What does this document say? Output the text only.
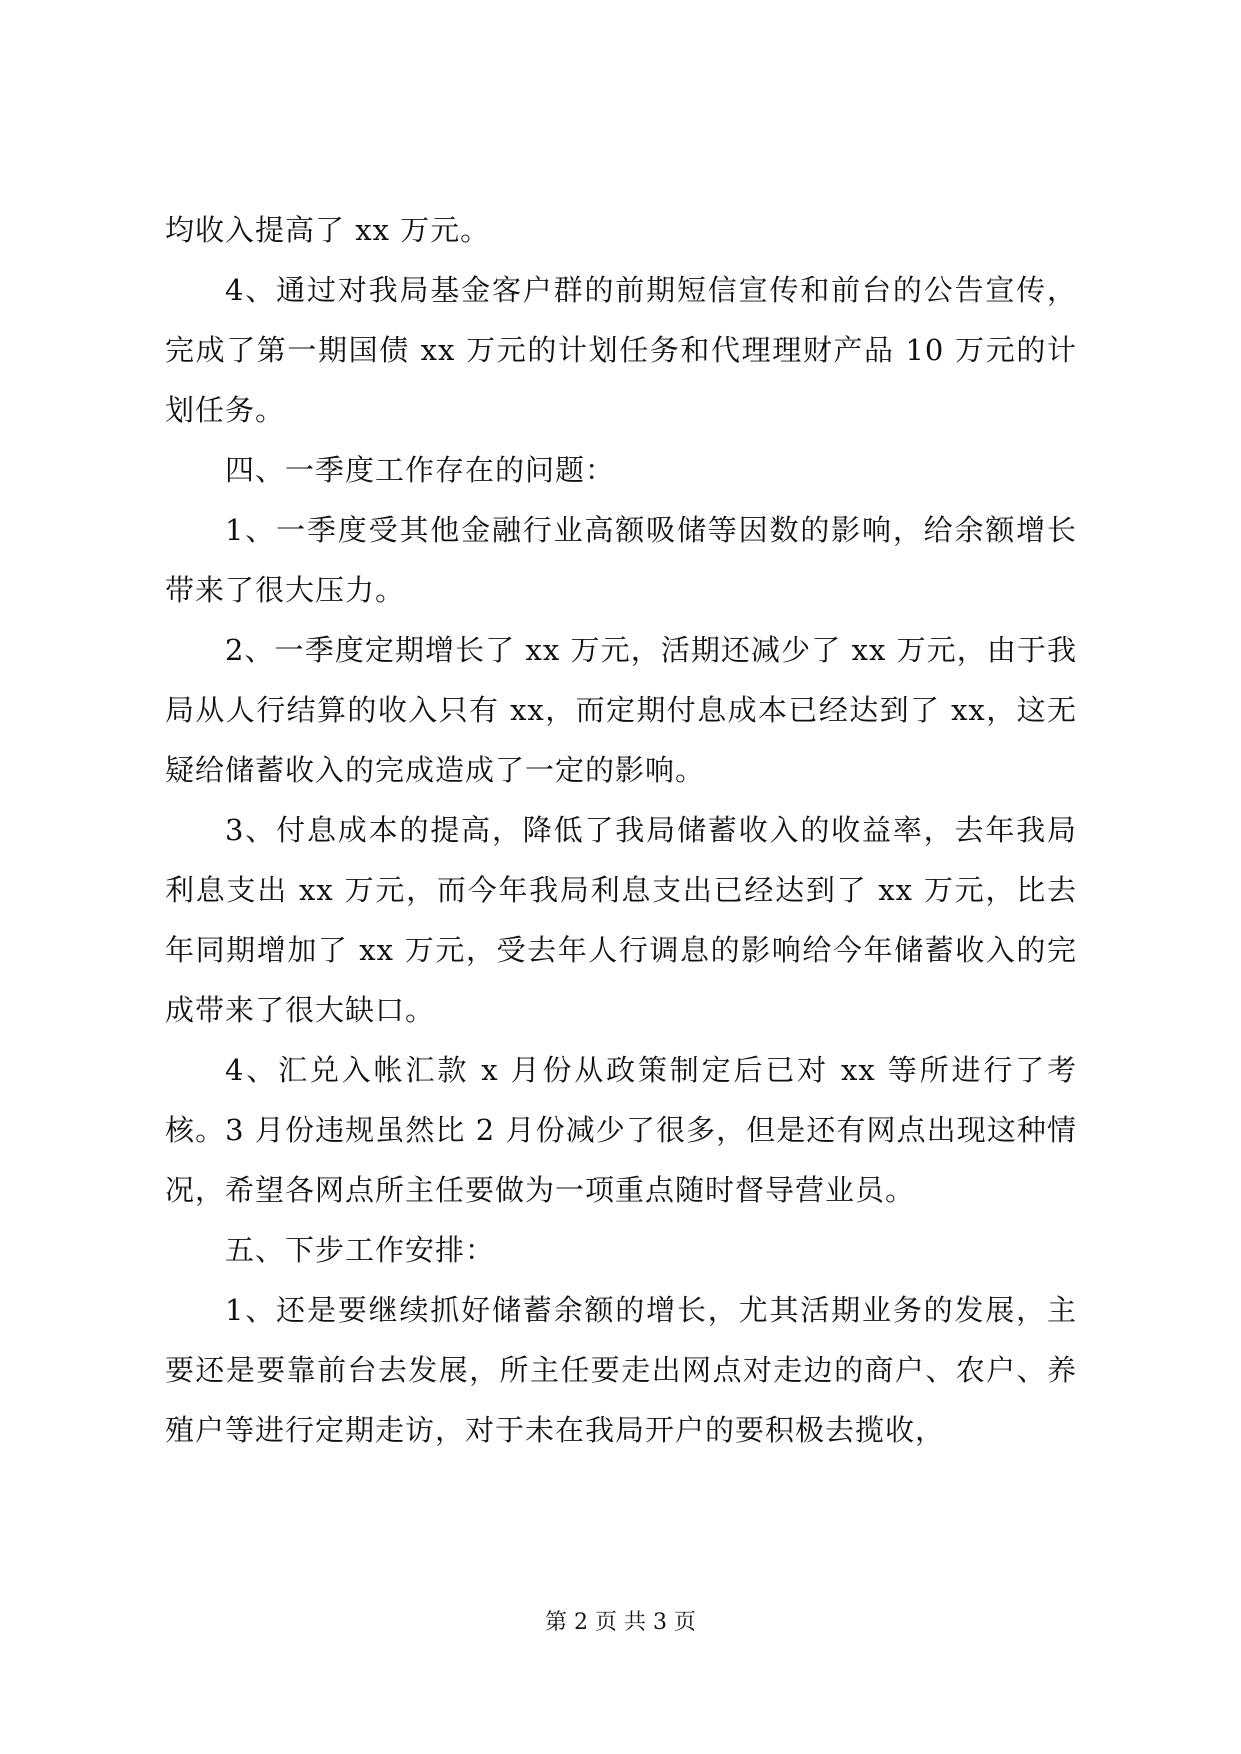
均收入提高了 xx 万元。

4、通过对我局基金客户群的前期短信宣传和前台的公告宣传，完成了第一期国债 xx 万元的计划任务和代理理财产品 10 万元的计划任务。

四、一季度工作存在的问题：

1、一季度受其他金融行业高额吸储等因数的影响，给余额增长带来了很大压力。

2、一季度定期增长了 xx 万元，活期还减少了 xx 万元，由于我局从人行结算的收入只有 xx，而定期付息成本已经达到了 xx，这无疑给储蓄收入的完成造成了一定的影响。

3、付息成本的提高，降低了我局储蓄收入的收益率，去年我局利息支出 xx 万元，而今年我局利息支出已经达到了 xx 万元，比去年同期增加了 xx 万元，受去年人行调息的影响给今年储蓄收入的完成带来了很大缺口。

4、汇兑入帐汇款 x 月份从政策制定后已对 xx 等所进行了考核。3 月份违规虽然比 2 月份减少了很多，但是还有网点出现这种情况，希望各网点所主任要做为一项重点随时督导营业员。

五、下步工作安排：

1、还是要继续抓好储蓄余额的增长，尤其活期业务的发展，主要还是要靠前台去发展，所主任要走出网点对走边的商户、农户、养殖户等进行定期走访，对于未在我局开户的要积极去揽收，

第 2 页 共 3 页
